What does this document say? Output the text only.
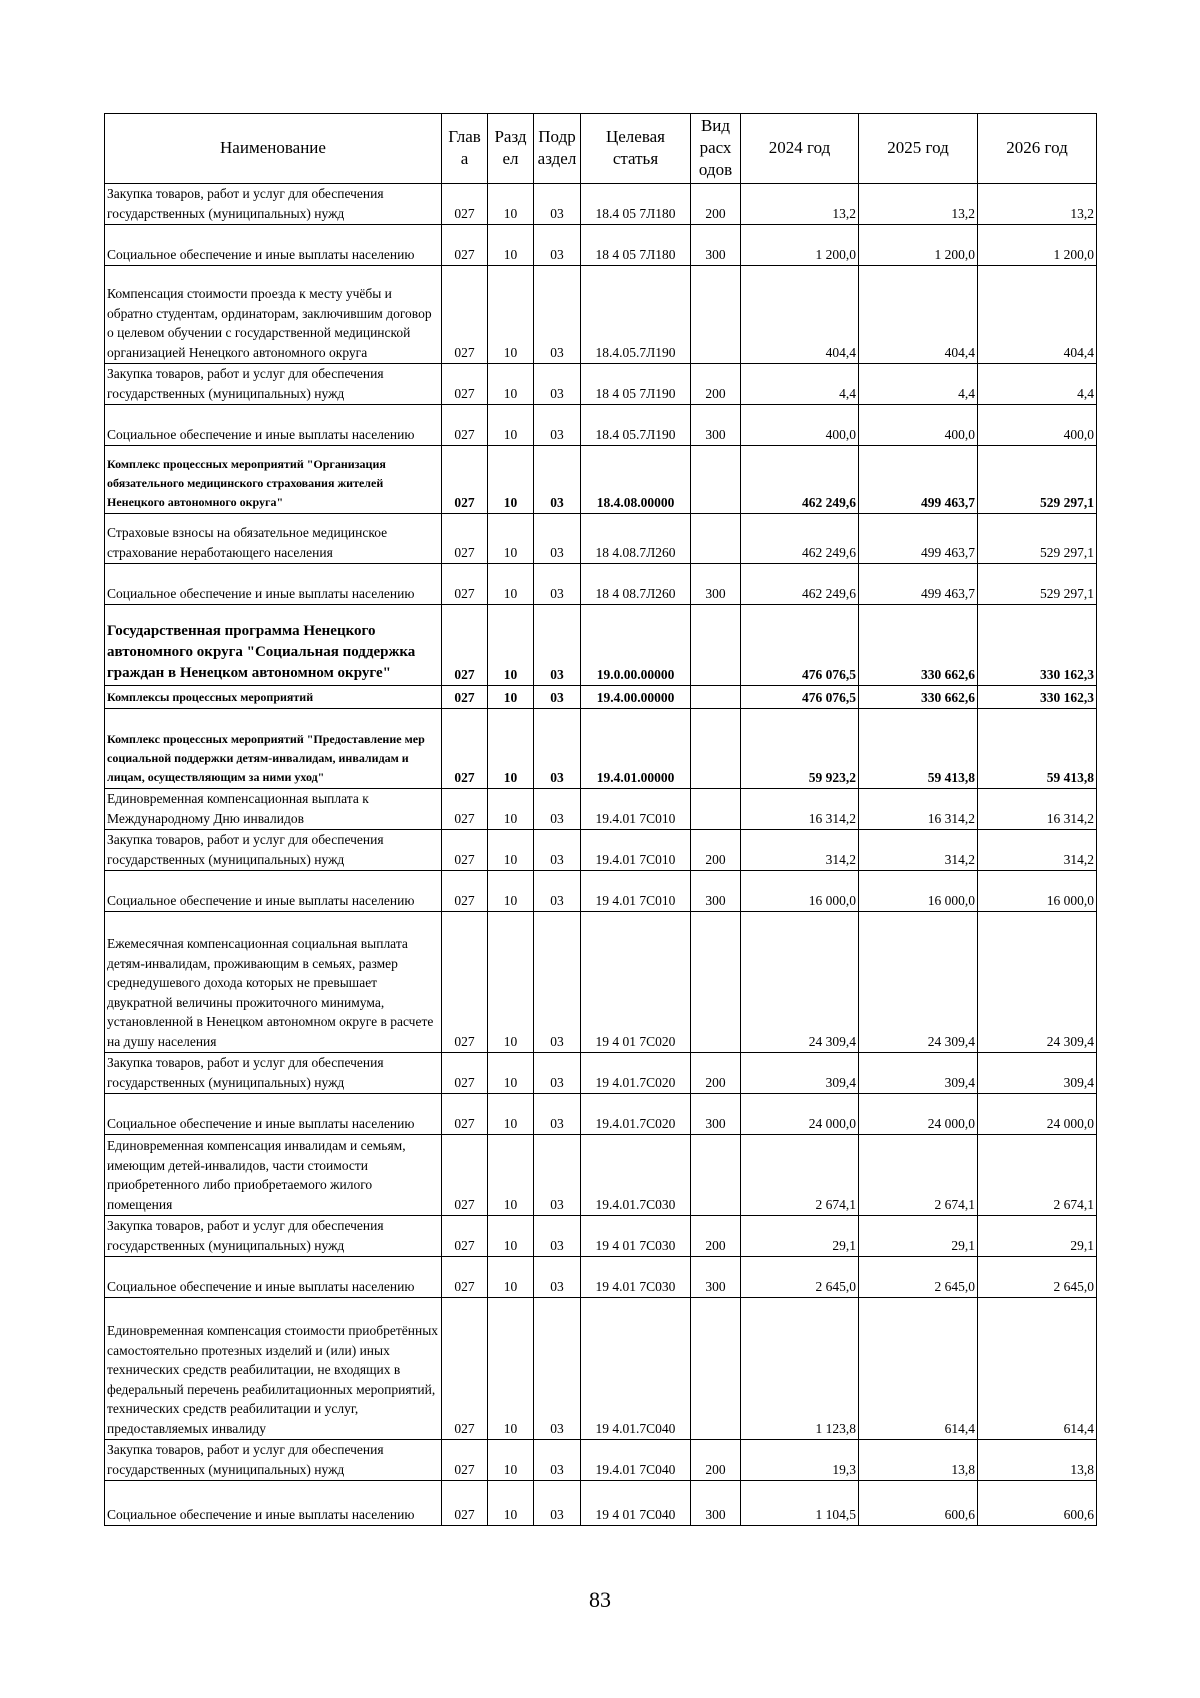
Наименование	Глав а	Разд ел	Подр аздел	Целевая статья	Вид расх одов	2024 год	2025 год	2026 год
Закупка товаров, работ и услуг для обеспечения государственных (муниципальных) нужд	027	10	03	18.4 05 7Л180	200	13,2	13,2	13,2
Социальное обеспечение и иные выплаты населению	027	10	03	18 4 05 7Л180	300	1 200,0	1 200,0	1 200,0
Компенсация стоимости проезда к месту учёбы и обратно студентам, ординаторам, заключившим договор о целевом обучении с государственной медицинской организацией Ненецкого автономного округа	027	10	03	18.4.05.7Л190		404,4	404,4	404,4
Закупка товаров, работ и услуг для обеспечения государственных (муниципальных) нужд	027	10	03	18 4 05 7Л190	200	4,4	4,4	4,4
Социальное обеспечение и иные выплаты населению	027	10	03	18.4 05.7Л190	300	400,0	400,0	400,0
Комплекс процессных мероприятий "Организация обязательного медицинского страхования жителей Ненецкого автономного округа"	027	10	03	18.4.08.00000		462 249,6	499 463,7	529 297,1
Страховые взносы на обязательное медицинское страхование неработающего населения	027	10	03	18 4.08.7Л260		462 249,6	499 463,7	529 297,1
Социальное обеспечение и иные выплаты населению	027	10	03	18 4 08.7Л260	300	462 249,6	499 463,7	529 297,1
Государственная программа Ненецкого автономного округа "Социальная поддержка граждан в Ненецком автономном округе"	027	10	03	19.0.00.00000		476 076,5	330 662,6	330 162,3
Комплексы процессных мероприятий	027	10	03	19.4.00.00000		476 076,5	330 662,6	330 162,3
Комплекс процессных мероприятий "Предоставление мер социальной поддержки детям-инвалидам, инвалидам и лицам, осуществляющим за ними уход"	027	10	03	19.4.01.00000		59 923,2	59 413,8	59 413,8
Единовременная компенсационная выплата к Международному Дню инвалидов	027	10	03	19.4.01 7С010		16 314,2	16 314,2	16 314,2
Закупка товаров, работ и услуг для обеспечения государственных (муниципальных) нужд	027	10	03	19.4.01 7С010	200	314,2	314,2	314,2
Социальное обеспечение и иные выплаты населению	027	10	03	19 4.01 7С010	300	16 000,0	16 000,0	16 000,0
Ежемесячная компенсационная социальная выплата детям-инвалидам, проживающим в семьях, размер среднедушевого дохода которых не превышает двукратной величины прожиточного минимума, установленной в Ненецком автономном округе в расчете на душу населения	027	10	03	19 4 01 7С020		24 309,4	24 309,4	24 309,4
Закупка товаров, работ и услуг для обеспечения государственных (муниципальных) нужд	027	10	03	19 4.01.7С020	200	309,4	309,4	309,4
Социальное обеспечение и иные выплаты населению	027	10	03	19.4.01.7С020	300	24 000,0	24 000,0	24 000,0
Единовременная компенсация инвалидам и семьям, имеющим детей-инвалидов, части стоимости приобретенного либо приобретаемого жилого помещения	027	10	03	19.4.01.7С030		2 674,1	2 674,1	2 674,1
Закупка товаров, работ и услуг для обеспечения государственных (муниципальных) нужд	027	10	03	19 4 01 7С030	200	29,1	29,1	29,1
Социальное обеспечение и иные выплаты населению	027	10	03	19 4.01 7С030	300	2 645,0	2 645,0	2 645,0
Единовременная компенсация стоимости приобретённых самостоятельно протезных изделий и (или) иных технических средств реабилитации, не входящих в федеральный перечень реабилитационных мероприятий, технических средств реабилитации и услуг, предоставляемых инвалиду	027	10	03	19 4.01.7С040		1 123,8	614,4	614,4
Закупка товаров, работ и услуг для обеспечения государственных (муниципальных) нужд	027	10	03	19.4.01 7С040	200	19,3	13,8	13,8
Социальное обеспечение и иные выплаты населению	027	10	03	19 4 01 7С040	300	1 104,5	600,6	600,6
83
